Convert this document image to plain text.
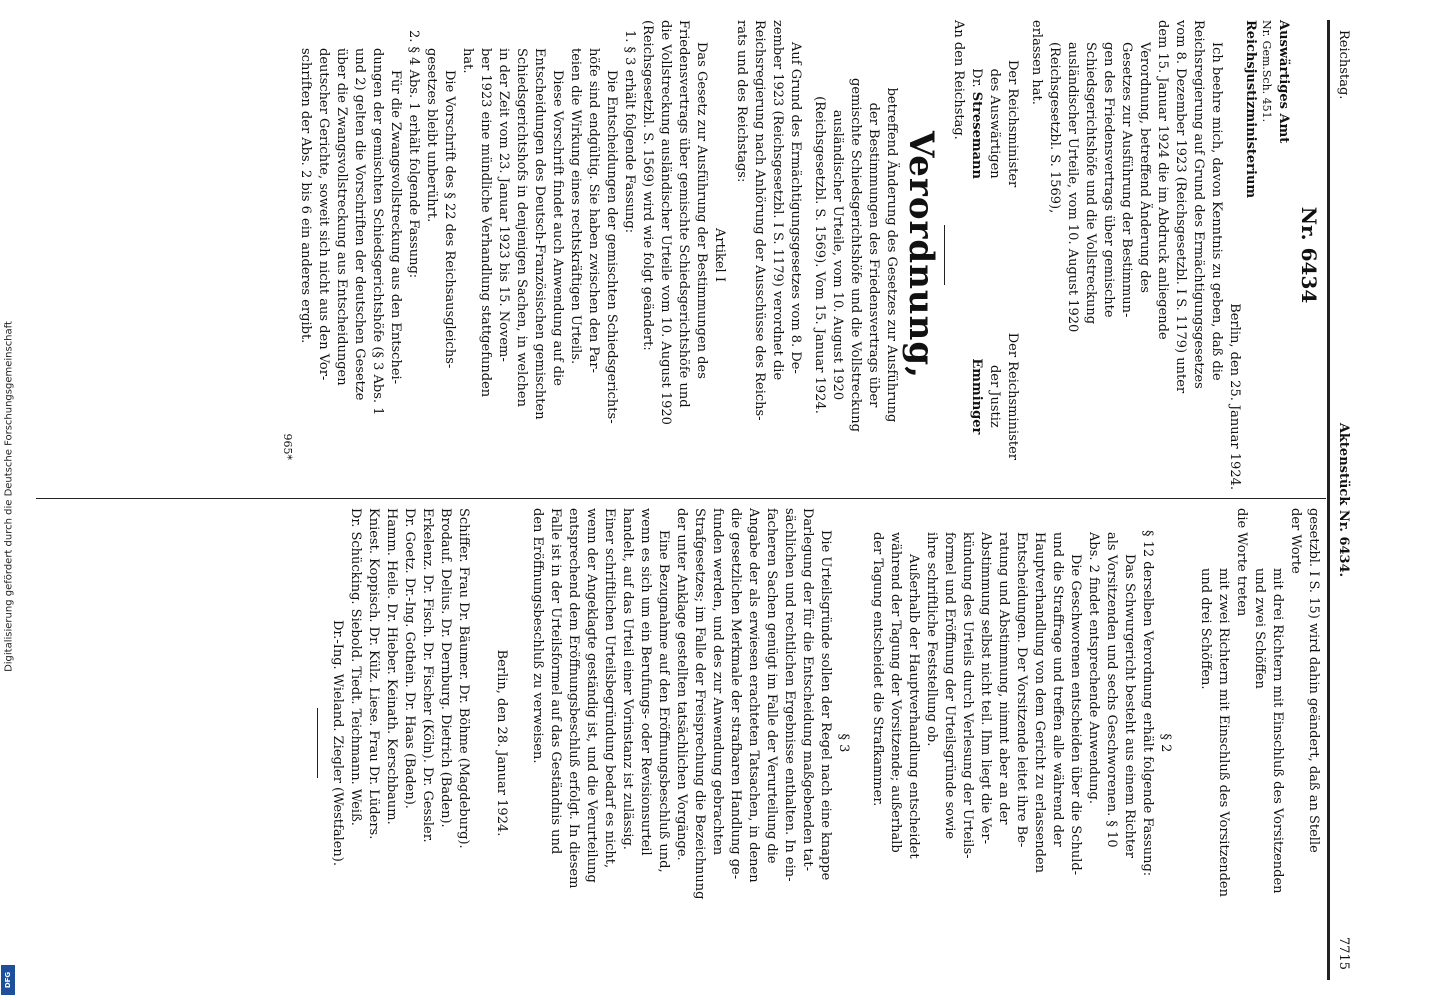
Digitalisierung gefördert durch die Deutsche Forschungsgemeinschaft
DFG
Reichstag.
Aktenstück Nr. 6434.
7715
Nr. 6434
Auswärtiges Amt
Nr. Gem.Sch. 451.
Reichsjustizministerium
Berlin, den 25. Januar 1924.
Ich beehre mich, davon Kenntnis zu geben, daß die
Reichsregierung auf Grund des Ermächtigungsgesetzes
vom 8. Dezember 1923 (Reichsgesetzbl. I S. 1179) unter
dem 15. Januar 1924 die im Abdruck anliegende
Verordnung, betreffend Änderung des
Gesetzes zur Ausführung der Bestimmun-
gen des Friedensvertrags über gemischte
Schiedsgerichtshöfe und die Vollstreckung
ausländischer Urteile, vom 10. August 1920
(Reichsgesetzbl. S. 1569),
erlassen hat.
Der Reichsminister
des Auswärtigen
Dr. Stresemann
Der Reichsminister
der Justiz
Emminger
An den Reichstag.
Verordnung,
betreffend Änderung des Gesetzes zur Ausführung
der Bestimmungen des Friedensvertrags über
gemischte Schiedsgerichtshöfe und die Vollstreckung
ausländischer Urteile, vom 10. August 1920
(Reichsgesetzbl. S. 1569). Vom 15. Januar 1924.
Auf Grund des Ermächtigungsgesetzes vom 8. De-
zember 1923 (Reichsgesetzbl. I S. 1179) verordnet die
Reichsregierung nach Anhörung der Ausschüsse des Reichs-
rats und des Reichstags:
Artikel I
Das Gesetz zur Ausführung der Bestimmungen des
Friedensvertrags über gemischte Schiedsgerichtshöfe und
die Vollstreckung ausländischer Urteile vom 10. August 1920
(Reichsgesetzbl. S. 1569) wird wie folgt geändert:
1. § 3 erhält folgende Fassung:
Die Entscheidungen der gemischten Schiedsgerichts-
höfe sind endgültig. Sie haben zwischen den Par-
teien die Wirkung eines rechtskräftigen Urteils.
Diese Vorschrift findet auch Anwendung auf die
Entscheidungen des Deutsch-Französischen gemischten
Schiedsgerichtshofs in denjenigen Sachen, in welchen
in der Zeit vom 23. Januar 1923 bis 15. Novem-
ber 1923 eine mündliche Verhandlung stattgefunden
hat.
Die Vorschrift des § 22 des Reichsausgleichs-
gesetzes bleibt unberührt.
2. § 4 Abs. 1 erhält folgende Fassung:
Für die Zwangsvollstreckung aus den Entschei-
dungen der gemischten Schiedsgerichtshöfe (§ 3 Abs. 1
und 2) gelten die Vorschriften der deutschen Gesetze
über die Zwangsvollstreckung aus Entscheidungen
deutscher Gerichte, soweit sich nicht aus den Vor-
schriften der Abs. 2 bis 6 ein anderes ergibt.
965*
gesetzbl. I S. 15) wird dahin geändert, daß an Stelle
der Worte
mit drei Richtern mit Einschluß des Vorsitzenden
und zwei Schöffen
die Worte treten
mit zwei Richtern mit Einschluß des Vorsitzenden
und drei Schöffen.
§ 2
§ 12 derselben Verordnung erhält folgende Fassung:
Das Schwurgericht besteht aus einem Richter
als Vorsitzenden und sechs Geschworenen. § 10
Abs. 2 findet entsprechende Anwendung.
Die Geschworenen entscheiden über die Schuld-
und die Straffrage und treffen alle während der
Hauptverhandlung von dem Gericht zu erlassenden
Entscheidungen. Der Vorsitzende leitet ihre Be-
ratung und Abstimmung, nimmt aber an der
Abstimmung selbst nicht teil. Ihm liegt die Ver-
kündung des Urteils durch Verlesung der Urteils-
formel und Eröffnung der Urteilsgründe sowie
ihre schriftliche Feststellung ob.
Außerhalb der Hauptverhandlung entscheidet
während der Tagung der Vorsitzende; außerhalb
der Tagung entscheidet die Strafkammer.
§ 3
Die Urteilsgründe sollen der Regel nach eine knappe
Darlegung der für die Entscheidung maßgebenden tat-
sächlichen und rechtlichen Ergebnisse enthalten. In ein-
facheren Sachen genügt im Falle der Verurteilung die
Angabe der als erwiesen erachteten Tatsachen, in denen
die gesetzlichen Merkmale der strafbaren Handlung ge-
funden werden, und des zur Anwendung gebrachten
Strafgesetzes; im Falle der Freisprechung die Bezeichnung
der unter Anklage gestellten tatsächlichen Vorgänge.
Eine Bezugnahme auf den Eröffnungsbeschluß und,
wenn es sich um ein Berufungs- oder Revisionsurteil
handelt, auf das Urteil einer Vorinstanz ist zulässig.
Einer schriftlichen Urteilsbegründung bedarf es nicht,
wenn der Angeklagte geständig ist, und die Verurteilung
entsprechend dem Eröffnungsbeschluß erfolgt. In diesem
Falle ist in der Urteilsformel auf das Geständnis und
den Eröffnungsbeschluß zu verweisen.
Berlin, den 28. Januar 1924.
Schiffer. Frau Dr. Bäumer. Dr. Böhme (Magdeburg).
Brodauf. Delius. Dr. Dernburg. Dietrich (Baden).
Erkelenz. Dr. Fisch. Dr. Fischer (Köln). Dr. Gessler.
Dr. Goetz. Dr.-Ing. Gothein. Dr. Haas (Baden).
Hamm. Heile. Dr. Hieber. Keinath. Kerschbaum.
Kniest. Koppisch. Dr. Külz. Liese. Frau Dr. Lüders.
Dr. Schücking. Siebold. Tiedt. Teichmann. Weiß.
Dr.-Ing. Wieland. Ziegler (Westfalen).
